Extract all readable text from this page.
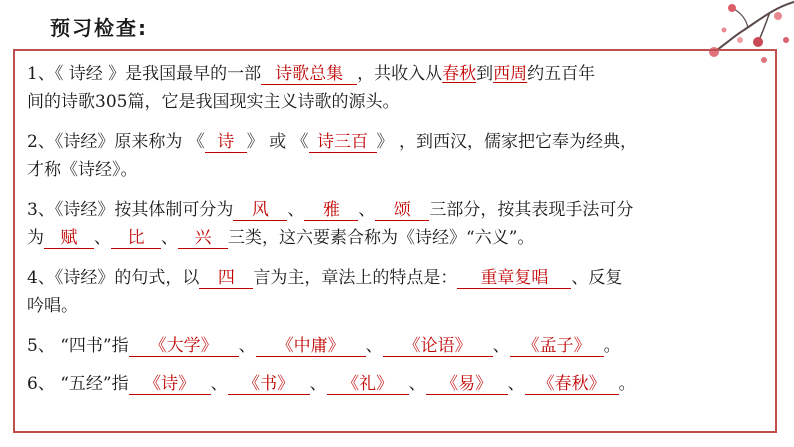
预习检查:
1、《 诗经 》是我国最早的一部 诗歌总集 ，共收入从春秋到西周约五百年
间的诗歌305篇，它是我国现实主义诗歌的源头。
2、《诗经》原来称为 《 诗 》 或 《 诗三百 》 ，到西汉，儒家把它奉为经典，
才称《诗经》。
3、《诗经》按其体制可分为 风 、 雅 、 颂 三部分，按其表现手法可分
为 赋 、 比 、 兴 三类，这六要素合称为《诗经》“六义”。
4、《诗经》的句式，以 四 言为主，章法上的特点是： 重章复唱 、反复
吟唱。
5、 “四书”指 《大学》 、 《中庸》 、 《论语》 、 《孟子》 。
6、 “五经”指 《诗》 、 《书》 、 《礼》 、 《易》 、 《春秋》 。
